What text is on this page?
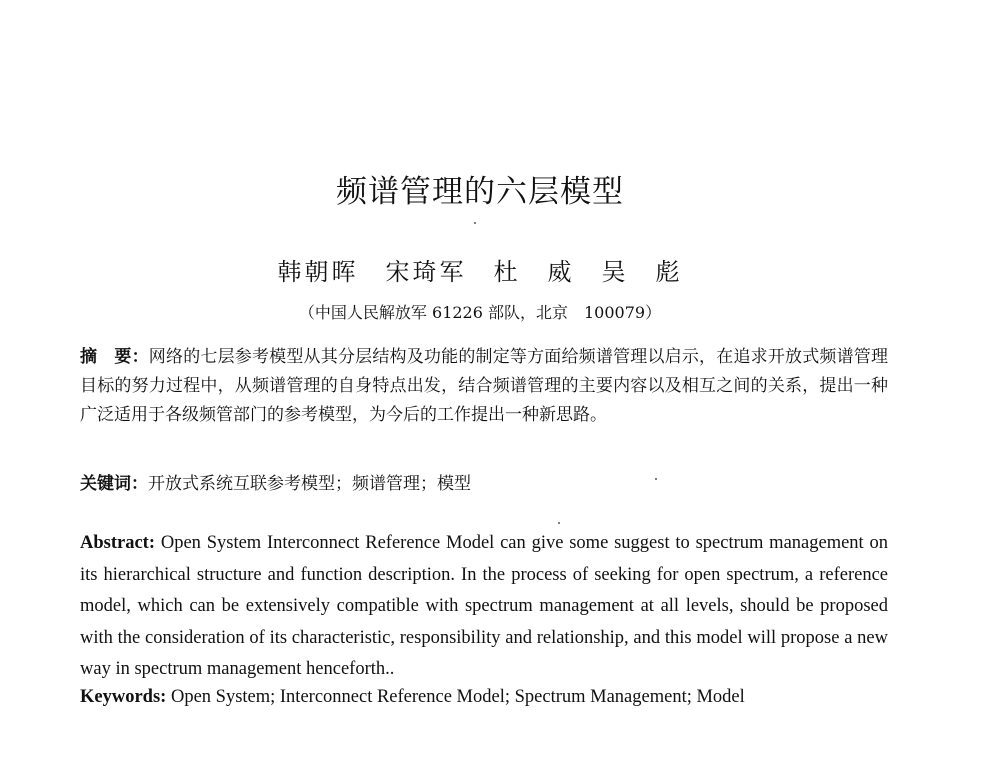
频谱管理的六层模型
韩朝晖　宋琦军　杜　威　吴　彪
（中国人民解放军 61226 部队，北京　100079）
摘　要：网络的七层参考模型从其分层结构及功能的制定等方面给频谱管理以启示，在追求开放式频谱管理目标的努力过程中，从频谱管理的自身特点出发，结合频谱管理的主要内容以及相互之间的关系，提出一种广泛适用于各级频管部门的参考模型，为今后的工作提出一种新思路。
关键词：开放式系统互联参考模型；频谱管理；模型
Abstract: Open System Interconnect Reference Model can give some suggest to spectrum management on its hierarchical structure and function description. In the process of seeking for open spectrum, a reference model, which can be extensively compatible with spectrum management at all levels, should be proposed with the consideration of its characteristic, responsibility and relationship, and this model will propose a new way in spectrum management henceforth..
Keywords: Open System; Interconnect Reference Model; Spectrum Management; Model
